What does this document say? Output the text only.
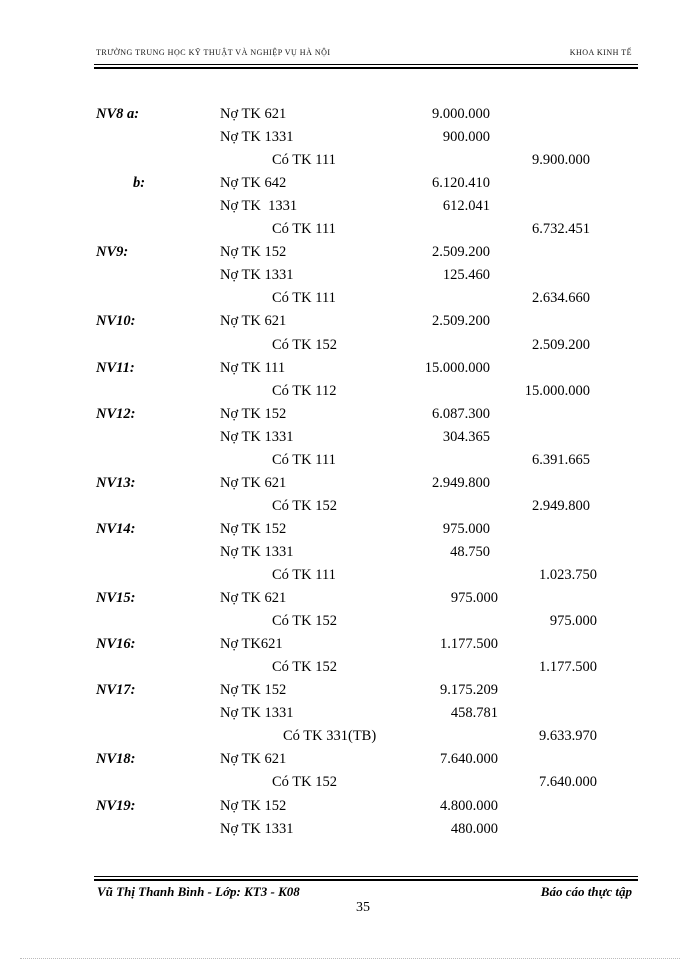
TRƯỜNG TRUNG HỌC KỸ THUẬT VÀ NGHIỆP VỤ HÀ NỘI	KHOA KINH TẾ
NV8 a:	Nợ TK 621	9.000.000
Nợ TK 1331	900.000
Có TK 111	9.900.000
b:	Nợ TK 642	6.120.410
Nợ TK  1331	612.041
Có TK 111	6.732.451
NV9:	Nợ TK 152	2.509.200
Nợ TK 1331	125.460
Có TK 111	2.634.660
NV10:	Nợ TK 621	2.509.200
Có TK 152	2.509.200
NV11:	Nợ TK 111	15.000.000
Có TK 112	15.000.000
NV12:	Nợ TK 152	6.087.300
Nợ TK 1331	304.365
Có TK 111	6.391.665
NV13:	Nợ TK 621	2.949.800
Có TK 152	2.949.800
NV14:	Nợ TK 152	975.000
Nợ TK 1331	48.750
Có TK 111	1.023.750
NV15:	Nợ TK 621	975.000
Có TK 152	975.000
NV16:	Nợ TK621	1.177.500
Có TK 152	1.177.500
NV17:	Nợ TK 152	9.175.209
Nợ TK 1331	458.781
Có TK 331(TB)	9.633.970
NV18:	Nợ TK 621	7.640.000
Có TK 152	7.640.000
NV19:	Nợ TK 152	4.800.000
Nợ TK 1331	480.000
Vũ Thị Thanh Bình - Lớp: KT3 - K08	Báo cáo thực tập
35
